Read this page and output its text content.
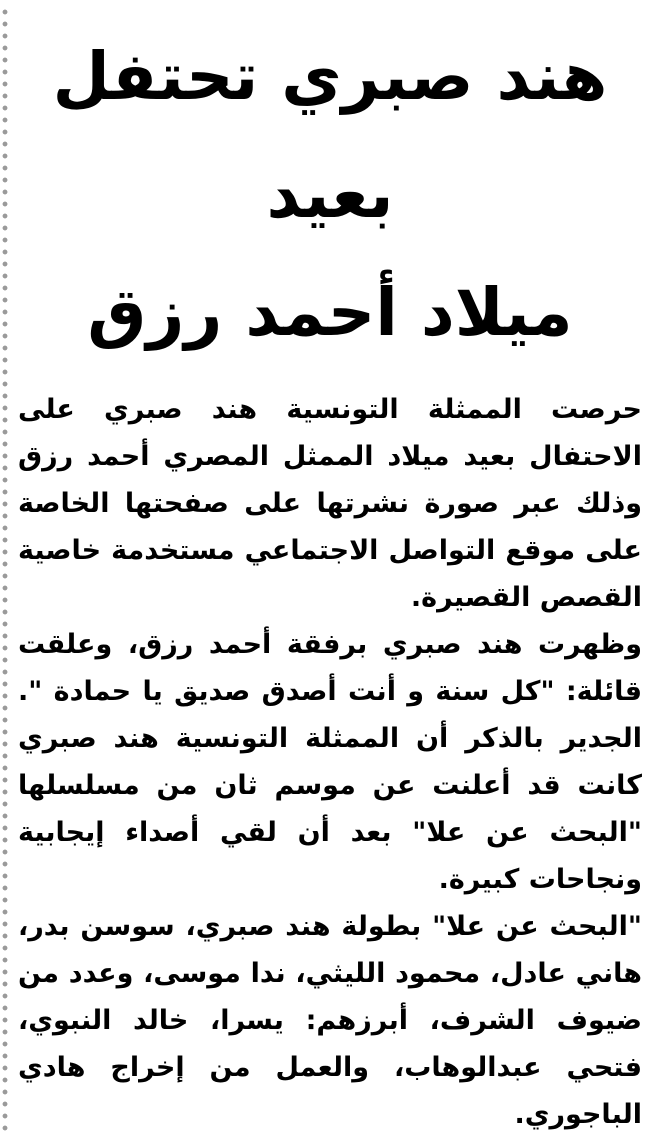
هند صبري تحتفل بعيد
ميلاد أحمد رزق

حرصت الممثلة التونسية هند صبري على الاحتفال بعيد ميلاد الممثل المصري أحمد رزق وذلك عبر صورة نشرتها على صفحتها الخاصة على موقع التواصل الاجتماعي مستخدمة خاصية القصص القصيرة.

وظهرت هند صبري برفقة أحمد رزق، وعلقت قائلة: "كل سنة و أنت أصدق صديق يا حمادة ". الجدير بالذكر أن الممثلة التونسية هند صبري كانت قد أعلنت عن موسم ثان من مسلسلها "البحث عن علا" بعد أن لقي أصداء إيجابية ونجاحات كبيرة.

"البحث عن علا" بطولة هند صبري، سوسن بدر، هاني عادل، محمود الليثي، ندا موسى، وعدد من ضيوف الشرف، أبرزهم: يسرا، خالد النبوي، فتحي عبدالوهاب، والعمل من إخراج هادي الباجوري.
